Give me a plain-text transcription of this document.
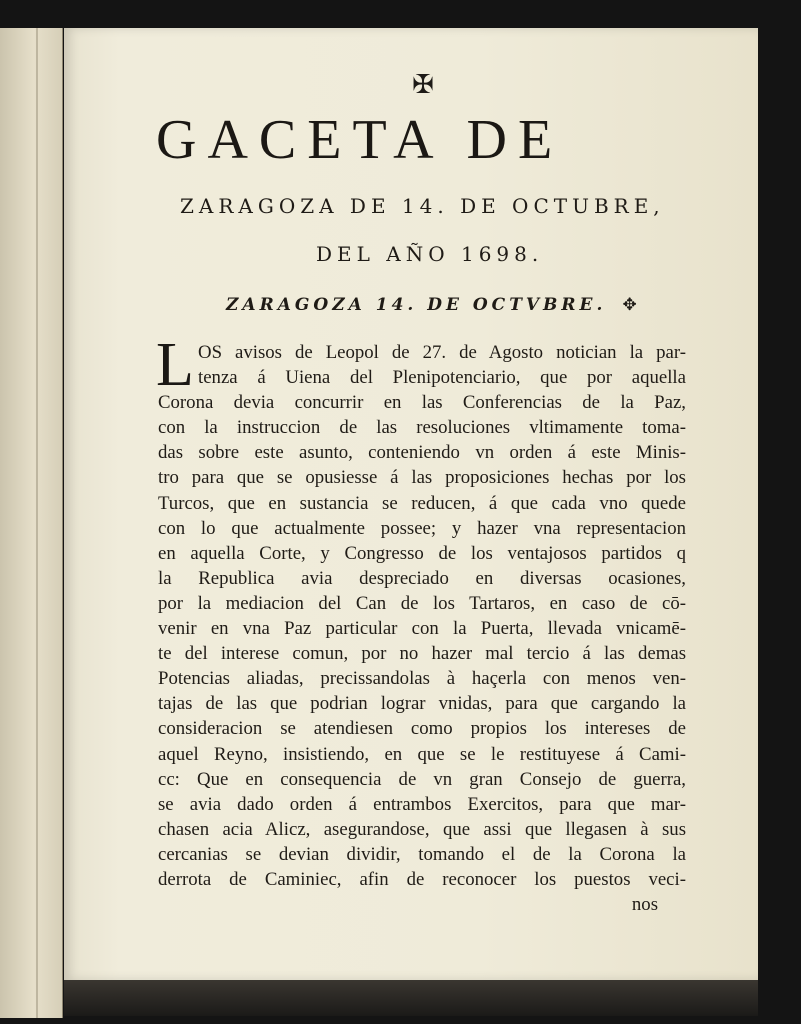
✠
GACETA DE
ZARAGOZA DE 14. DE OCTUBRE,
DEL AÑO 1698.
ZARAGOZA 14. DE OCTVBRE. ✥
L OS avisos de Leopol de 27. de Agosto notician la par-
tenza á Uiena del Plenipotenciario, que por aquella
Corona devia concurrir en las Conferencias de la Paz,
con la instruccion de las resoluciones vltimamente toma-
das sobre este asunto, conteniendo vn orden á este Minis-
tro para que se opusiesse á las proposiciones hechas por los
Turcos, que en sustancia se reducen, á que cada vno quede
con lo que actualmente possee; y hazer vna representacion
en aquella Corte, y Congresso de los ventajosos partidos q
la Republica avia despreciado en diversas ocasiones,
por la mediacion del Can de los Tartaros, en caso de cō-
venir en vna Paz particular con la Puerta, llevada vnicamē-
te del interese comun, por no hazer mal tercio á las demas
Potencias aliadas, precissandolas à haçerla con menos ven-
tajas de las que podrian lograr vnidas, para que cargando la
consideracion se atendiesen como propios los intereses de
aquel Reyno, insistiendo, en que se le restituyese á Cami-
cc: Que en consequencia de vn gran Consejo de guerra,
se avia dado orden á entrambos Exercitos, para que mar-
chasen acia Alicz, asegurandose, que assi que llegasen à sus
cercanias se devian dividir, tomando el de la Corona la
derrota de Caminiec, afin de reconocer los puestos veci-
nos
